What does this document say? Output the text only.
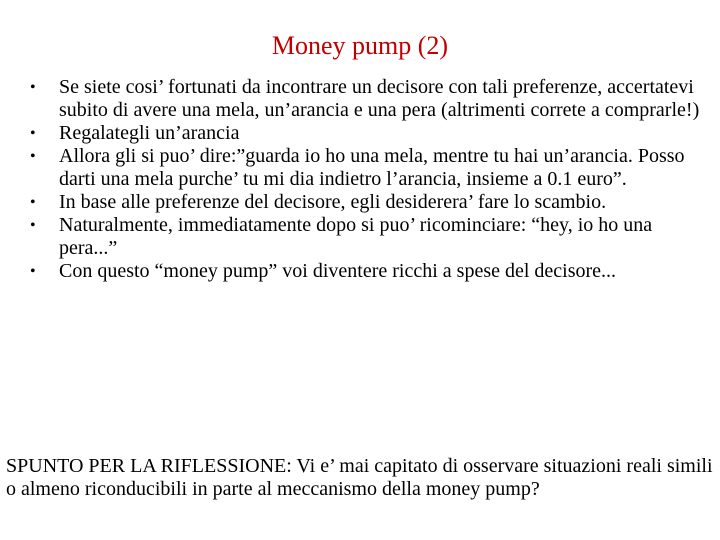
Money pump (2)
• Se siete cosi’ fortunati da incontrare un decisore con tali preferenze, accertatevi subito di avere una mela, un’arancia e una pera (altrimenti correte a comprarle!)
• Regalategli un’arancia
• Allora gli si puo’ dire:”guarda io ho una mela, mentre tu hai un’arancia. Posso darti una mela purche’ tu mi dia indietro l’arancia, insieme a 0.1 euro”.
• In base alle preferenze del decisore, egli desiderera’ fare lo scambio.
• Naturalmente, immediatamente dopo si puo’ ricominciare: “hey, io ho una pera...”
• Con questo “money pump” voi diventere ricchi a spese del decisore...
SPUNTO PER LA RIFLESSIONE: Vi e’ mai capitato di osservare situazioni reali simili o almeno riconducibili in parte al meccanismo della money pump?
